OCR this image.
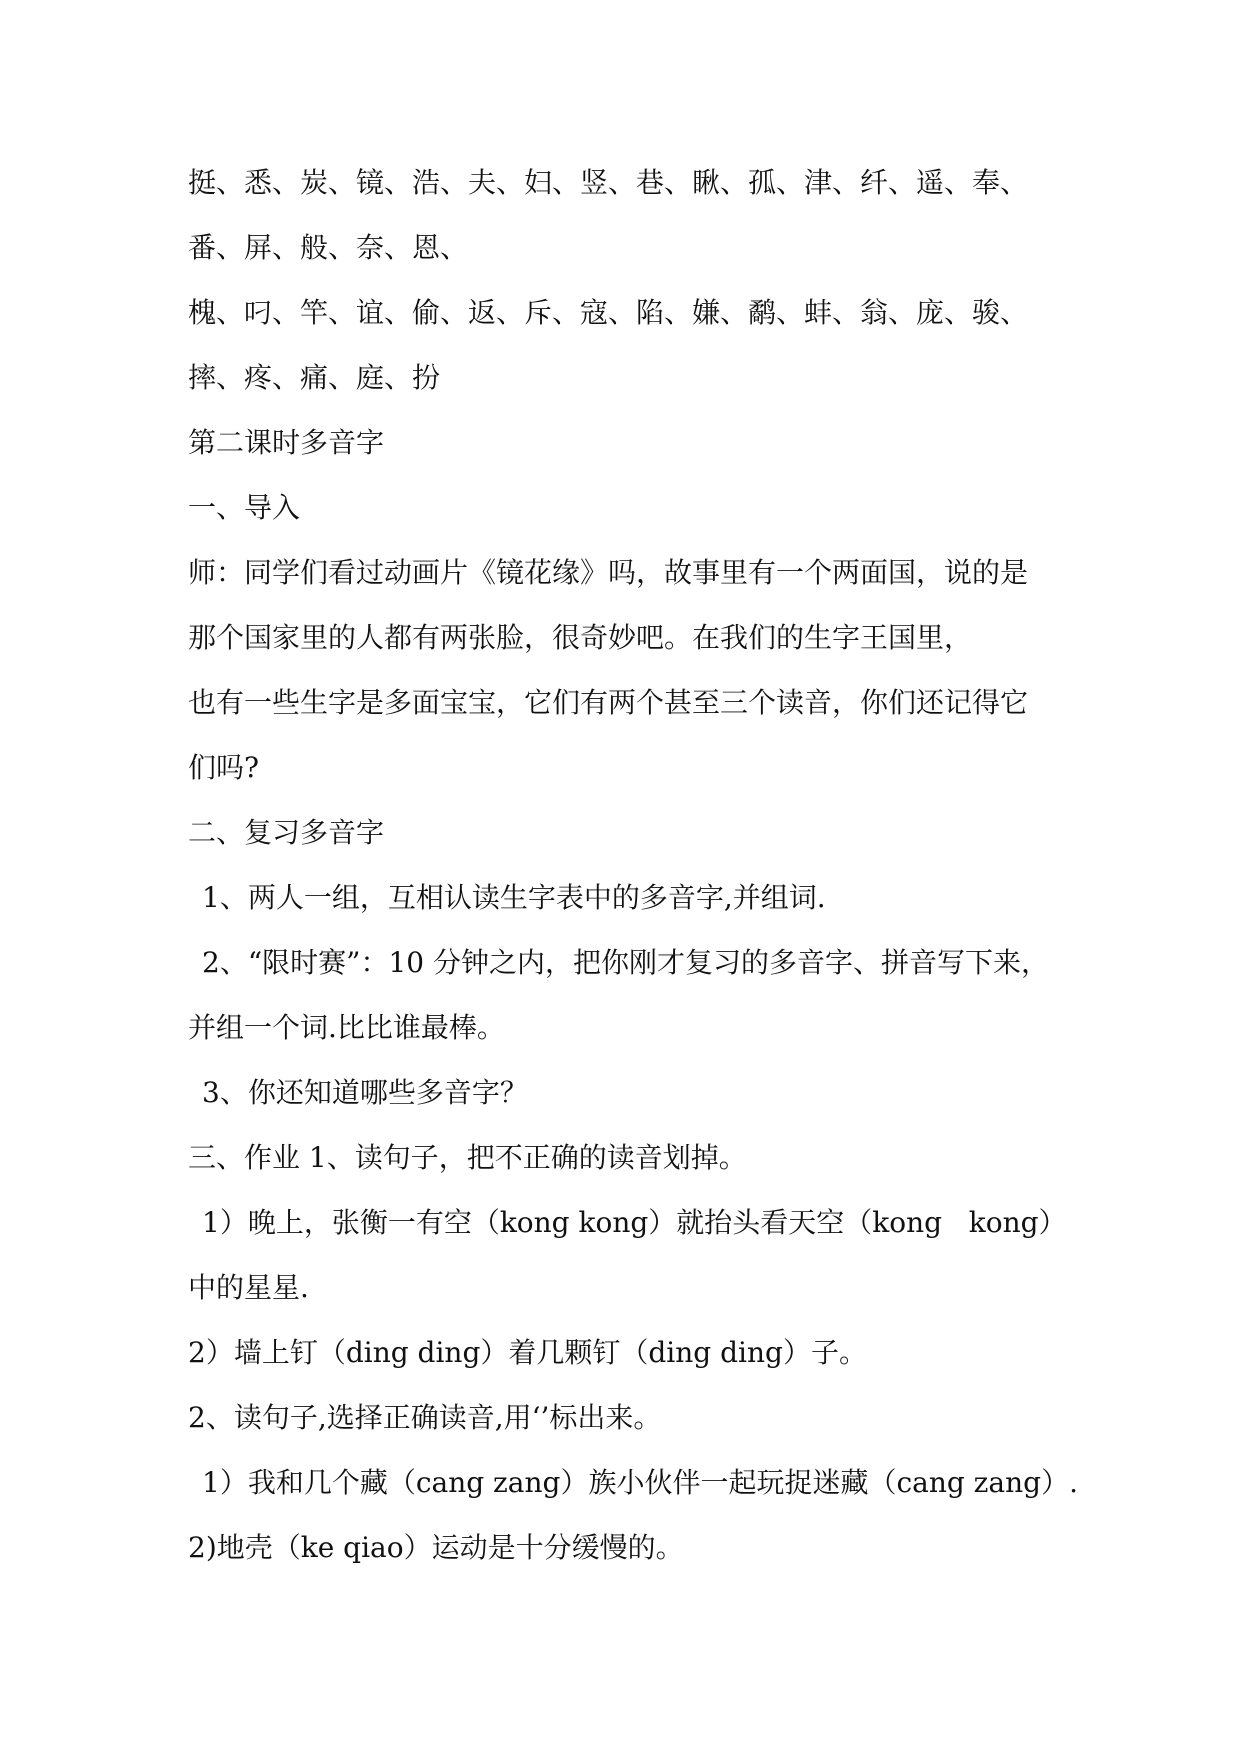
挺、悉、炭、镜、浩、夫、妇、竖、巷、瞅、孤、津、纤、遥、奉、
番、屏、般、奈、恩、
槐、叼、竿、谊、偷、返、斥、寇、陷、嫌、鹬、蚌、翁、庞、骏、
摔、疼、痛、庭、扮
第二课时多音字
一、导入
师：同学们看过动画片《镜花缘》吗，故事里有一个两面国，说的是
那个国家里的人都有两张脸，很奇妙吧。在我们的生字王国里，
也有一些生字是多面宝宝，它们有两个甚至三个读音，你们还记得它
们吗?
二、复习多音字
1、两人一组，互相认读生字表中的多音字,并组词.
2、“限时赛”：10 分钟之内，把你刚才复习的多音字、拼音写下来，
并组一个词.比比谁最棒。
3、你还知道哪些多音字？
三、作业 1、读句子，把不正确的读音划掉。
1）晚上，张衡一有空（kong kong）就抬头看天空（kong   kong）
中的星星.
2）墙上钉（ding ding）着几颗钉（ding ding）子。
2、读句子,选择正确读音,用‘’标出来。
1）我和几个藏（cang zang）族小伙伴一起玩捉迷藏（cang zang）.
2)地壳（ke qiao）运动是十分缓慢的。
